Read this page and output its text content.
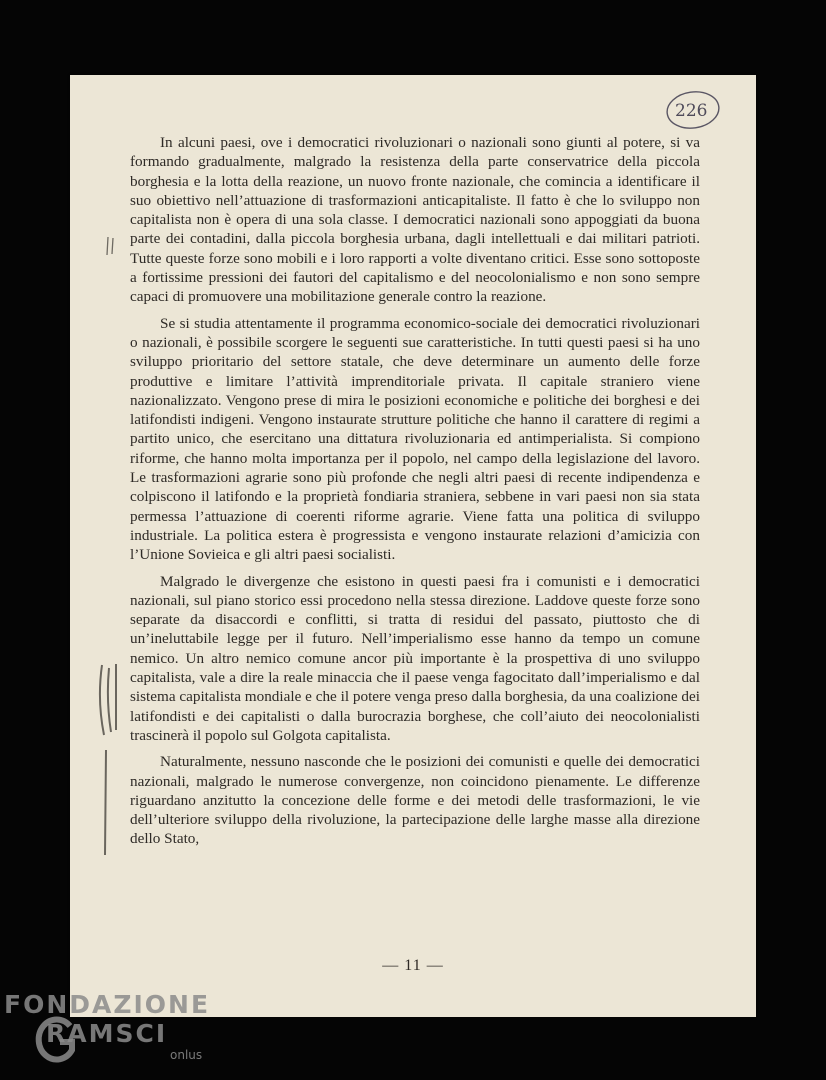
226

In alcuni paesi, ove i democratici rivoluzionari o nazionali sono giunti al potere, si va formando gradualmente, malgrado la resistenza della parte conservatrice della piccola borghesia e la lotta della reazione, un nuovo fronte nazionale, che comincia a identificare il suo obiettivo nell’attuazione di trasformazioni anticapitaliste. Il fatto è che lo sviluppo non capitalista non è opera di una sola classe. I democratici nazionali sono appoggiati da buona parte dei contadini, dalla piccola borghesia urbana, dagli intellettuali e dai militari patrioti. Tutte queste forze sono mobili e i loro rapporti a volte diventano critici. Esse sono sottoposte a fortissime pressioni dei fautori del capitalismo e del neocolonialismo e non sono sempre capaci di promuovere una mobilitazione generale contro la reazione.

Se si studia attentamente il programma economico-sociale dei democratici rivoluzionari o nazionali, è possibile scorgere le seguenti sue caratteristiche. In tutti questi paesi si ha uno sviluppo prioritario del settore statale, che deve determinare un aumento delle forze produttive e limitare l’attività imprenditoriale privata. Il capitale straniero viene nazionalizzato. Vengono prese di mira le posizioni economiche e politiche dei borghesi e dei latifondisti indigeni. Vengono instaurate strutture politiche che hanno il carattere di regimi a partito unico, che esercitano una dittatura rivoluzionaria ed antimperialista. Si compiono riforme, che hanno molta importanza per il popolo, nel campo della legislazione del lavoro. Le trasformazioni agrarie sono più profonde che negli altri paesi di recente indipendenza e colpiscono il latifondo e la proprietà fondiaria straniera, sebbene in vari paesi non sia stata permessa l’attuazione di coerenti riforme agrarie. Viene fatta una politica di sviluppo industriale. La politica estera è progressista e vengono instaurate relazioni d’amicizia con l’Unione Sovieica e gli altri paesi socialisti.

Malgrado le divergenze che esistono in questi paesi fra i comunisti e i democratici nazionali, sul piano storico essi procedono nella stessa direzione. Laddove queste forze sono separate da disaccordi e conflitti, si tratta di residui del passato, piuttosto che di un’ineluttabile legge per il futuro. Nell’imperialismo esse hanno da tempo un comune nemico. Un altro nemico comune ancor più importante è la prospettiva di uno sviluppo capitalista, vale a dire la reale minaccia che il paese venga fagocitato dall’imperialismo e dal sistema capitalista mondiale e che il potere venga preso dalla borghesia, da una coalizione dei latifondisti e dei capitalisti o dalla burocrazia borghese, che coll’aiuto dei neocolonialisti trascinerà il popolo sul Golgota capitalista.

Naturalmente, nessuno nasconde che le posizioni dei comunisti e quelle dei democratici nazionali, malgrado le numerose convergenze, non coincidono pienamente. Le differenze riguardano anzitutto la concezione delle forme e dei metodi delle trasformazioni, le vie dell’ulteriore sviluppo della rivoluzione, la partecipazione delle larghe masse alla direzione dello Stato,

— 11 —
FONDAZIONE
RAMSCI
onlus
